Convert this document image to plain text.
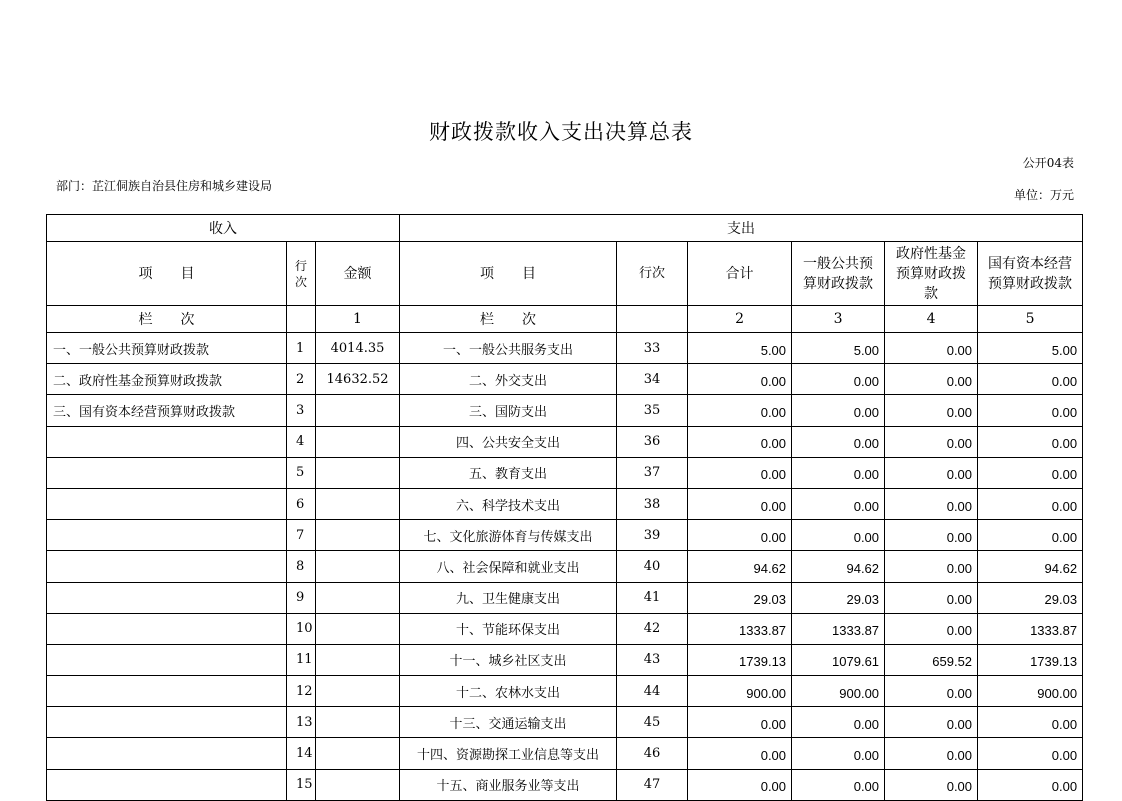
财政拨款收入支出决算总表
公开04表
部门：芷江侗族自治县住房和城乡建设局
单位：万元
收入			支出					
项　　目	行次	金额	项　　目	行次	合计	一般公共预算财政拨款	政府性基金预算财政拨款	国有资本经营预算财政拨款
栏　　次		1	栏　　次		2	3	4	5
一、一般公共预算财政拨款	1	4014.35	一、一般公共服务支出	33	5.00	5.00	0.00	5.00
二、政府性基金预算财政拨款	2	14632.52	二、外交支出	34	0.00	0.00	0.00	0.00
三、国有资本经营预算财政拨款	3		三、国防支出	35	0.00	0.00	0.00	0.00
	4		四、公共安全支出	36	0.00	0.00	0.00	0.00
	5		五、教育支出	37	0.00	0.00	0.00	0.00
	6		六、科学技术支出	38	0.00	0.00	0.00	0.00
	7		七、文化旅游体育与传媒支出	39	0.00	0.00	0.00	0.00
	8		八、社会保障和就业支出	40	94.62	94.62	0.00	94.62
	9		九、卫生健康支出	41	29.03	29.03	0.00	29.03
	10		十、节能环保支出	42	1333.87	1333.87	0.00	1333.87
	11		十一、城乡社区支出	43	1739.13	1079.61	659.52	1739.13
	12		十二、农林水支出	44	900.00	900.00	0.00	900.00
	13		十三、交通运输支出	45	0.00	0.00	0.00	0.00
	14		十四、资源勘探工业信息等支出	46	0.00	0.00	0.00	0.00
	15		十五、商业服务业等支出	47	0.00	0.00	0.00	0.00
